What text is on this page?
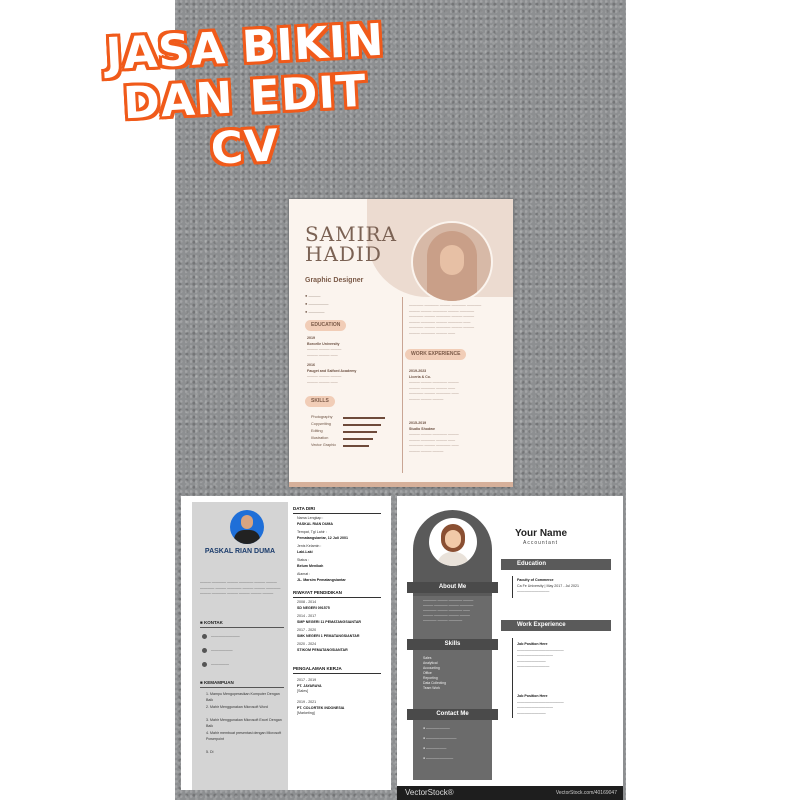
JASA BIKIN
DAN EDIT
CV
SAMIRA
HADID
Graphic Designer
● ———
● —————
● ————
EDUCATION
2019
Borcelle University
——— ——— ———
——— ——— ——
2016
Fauget and Salford Academy
——— ——— ———
——— ——— ——
SKILLS
Photography
Copywriting
Editing
Illustration
Vector Graphic
———— ———— ——— ———— ————
——— ——— ———— ——— ————
———— ——— ———— ——— ———
——— ———— ——— ———— ——
———— ——— ———— ——— ———
——— ———— ——— ——
WORK EXPERIENCE
2019-2023
Liceria & Co.
——— ——— ———— ———
——— ———— ——— ——
———— ——— ———— ——
——— ——— ———
2015-2019
Studio Shodwe
——— ——— ———— ———
——— ———— ——— ——
———— ——— ———— ——
——— ——— ———
PASKAL RIAN DUMA
——— ———— ——— ———— ——— ——— ———— ——— ———— ——— ——— ———— ——— ———— ——— ——— ——— ———
■ KONTAK
————————
——————
—————
■ KEMAMPUAN
1. Mampu Mengoperasikan Komputer Dengan Baik
2. Mahir Menggunakan Microsoft Word
3. Mahir Menggunakan Microsoft Excel Dengan Baik
4. Mahir membuat presentasi dengan Microsoft Powerpoint
5. Di
DATA DIRI
Nama Lengkap :
PASKAL RIAN DUMA
Tempat, Tgl Lahir :
Pematangsiantar, 12 Juli 2001
Jenis Kelamin :
Laki-Laki
Status :
Belum Menikah
Alamat :
JL. Marsim Pematangsiantar
RIWAYAT PENDIDIKAN
2008 - 2014
SD NEGERI 091575
2014 - 2017
SMP NEGERI 11 PEMATANGSIANTAR
2017 - 2020
SMK NEGERI 1 PEMATANGSIANTAR
2020 - 2024
STIKOM PEMATANGSIANTAR
PENGALAMAN KERJA
2017 - 2019
PT. JAYARAYA
[Sales]
2019 - 2021
PT. COLORTEK INDONESIA
[Marketing]
About Me
———— ——— ———— ———
——— ———— ——— ————
———— ——— ———— ——
——— ———— ——— ———
———— ——— ————
Skills
Sales
Analytical
Accounting
Office
Reporting
Data Collecting
Team Work
Contact Me
● ———————

● —————————

● ——————

● ————————
Your Name
Accountant
Education
Faculty of Commerce
Ca Fe University | May 2017 - Jul 2021
—————————
Work Experience
Job Position Here
—————————————
——————————
————————
—————————
Job Position Here
—————————————
——————————
————————
VectorStock®	VectorStock.com/40169047
